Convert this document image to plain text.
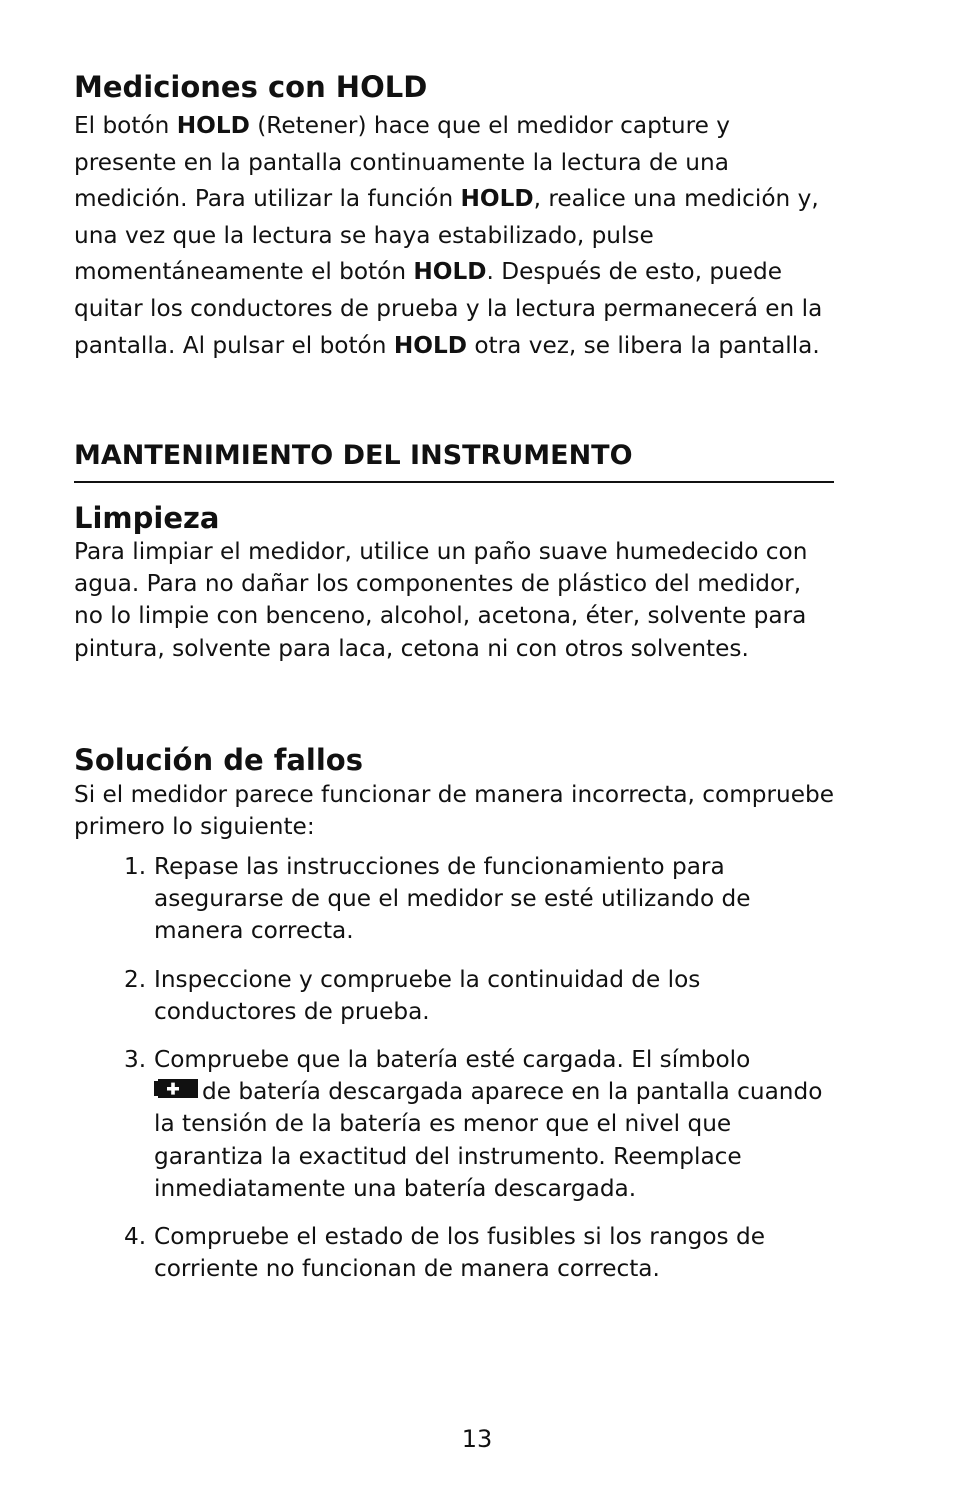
Mediciones con HOLD

El botón HOLD (Retener) hace que el medidor capture y presente en la pantalla continuamente la lectura de una medición. Para utilizar la función HOLD, realice una medición y, una vez que la lectura se haya estabilizado, pulse momentáneamente el botón HOLD. Después de esto, puede quitar los conductores de prueba y la lectura permanecerá en la pantalla. Al pulsar el botón HOLD otra vez, se libera la pantalla.

MANTENIMIENTO DEL INSTRUMENTO
Limpieza

Para limpiar el medidor, utilice un paño suave humedecido con agua. Para no dañar los componentes de plástico del medidor, no lo limpie con benceno, alcohol, acetona, éter, solvente para pintura, solvente para laca, cetona ni con otros solventes.

Solución de fallos

Si el medidor parece funcionar de manera incorrecta, compruebe primero lo siguiente:

1. Repase las instrucciones de funcionamiento para asegurarse de que el medidor se esté utilizando de manera correcta.
2. Inspeccione y compruebe la continuidad de los conductores de prueba.
3. Compruebe que la batería esté cargada. El símbolo

de batería descargada aparece en la pantalla cuando la tensión de la batería es menor que el nivel que garantiza la exactitud del instrumento. Reemplace inmediatamente una batería descargada.
4. Compruebe el estado de los fusibles si los rangos de corriente no funcionan de manera correcta.
13
